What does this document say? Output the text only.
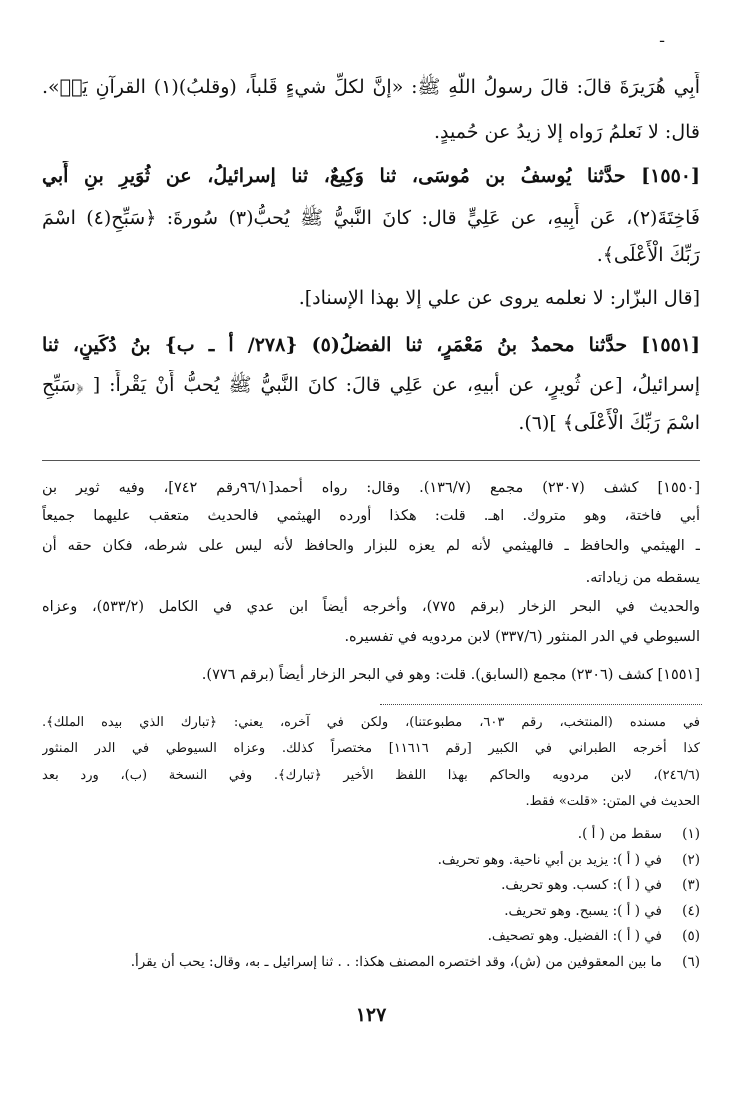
ـ
أَبِي هُرَيرَةَ قالَ: قالَ رسولُ اللّهِ ﷺ: «إنَّ لكلِّ شيءٍ قَلباً، (وقلبُ)(١) القرآنِ يَسۤ».
قال: لا نَعلمُ رَواه إلا زيدُ عن حُميدٍ.
[١٥٥٠] حدَّثنا يُوسفُ بن مُوسَى، ثنا وَكِيعٌ، ثنا إسرائيلُ، عن ثُوَيرِ بنِ أَبي
فَاخِتَةَ(٢)، عَن أَبِيهِ، عن عَلِيٍّ قال: كانَ النَّبيُّ ﷺ يُحبُّ(٣) سُورةَ: ﴿سَبِّحِ(٤) اسْمَ
رَبِّكَ الْأَعْلَى﴾.
[قال البزّار: لا نعلمه يروى عن علي إلا بهذا الإسناد].
[١٥٥١] حدَّثنا محمدُ بنُ مَعْمَرٍ، ثنا الفضلُ(٥) {٢٧٨/ أ ـ ب} بنُ دُكَينٍ، ثنا
إسرائيلُ، [عن ثُويرٍ، عن أبيهِ، عن عَلِي قالَ: كانَ النَّبيُّ ﷺ يُحبُّ أَنْ يَقْرأَ: [ ﴿سَبِّحِ
اسْمَ رَبِّكَ الْأَعْلَى﴾ ](٦).
[١٥٥٠] كشف (٢٣٠٧) مجمع (١٣٦/٧). وقال: رواه أحمد[٩٦/١رقم ٧٤٢]، وفيه ثوير بن
أبي فاختة، وهو متروك. اهـ. قلت: هكذا أورده الهيثمي فالحديث متعقب عليهما جميعاً
ـ الهيثمي والحافظ ـ فالهيثمي لأنه لم يعزه للبزار والحافظ لأنه ليس على شرطه، فكان حقه أن
يسقطه من زياداته.
والحديث في البحر الزخار (برقم ٧٧٥)، وأخرجه أيضاً ابن عدي في الكامل (٥٣٣/٢)، وعزاه
السيوطي في الدر المنثور (٣٣٧/٦) لابن مردويه في تفسيره.
[١٥٥١] كشف (٢٣٠٦) مجمع (السابق). قلت: وهو في البحر الزخار أيضاً (برقم ٧٧٦).
في مسنده (المنتخب، رقم ٦٠٣، مطبوعتنا)، ولكن في آخره، يعني: ﴿تبارك الذي بيده الملك﴾.
كذا أخرجه الطبراني في الكبير [رقم ١١٦١٦] مختصراً كذلك. وعزاه السيوطي في الدر المنثور
(٢٤٦/٦)، لابن مردويه والحاكم بهذا اللفظ الأخير ﴿تبارك﴾. وفي النسخة (ب)، ورد بعد
الحديث في المتن: «قلت» فقط.
(١)سقط من ( أ ).
(٢)في ( أ ): يزيد بن أبي ناحية. وهو تحريف.
(٣)في ( أ ): كسب. وهو تحريف.
(٤)في ( أ ): يسبح. وهو تحريف.
(٥)في ( أ ): الفضيل. وهو تصحيف.
(٦)ما بين المعقوفين من (ش)، وقد اختصره المصنف هكذا: . . ثنا إسرائيل ـ به، وقال: يحب أن يقرأ.
١٢٧
